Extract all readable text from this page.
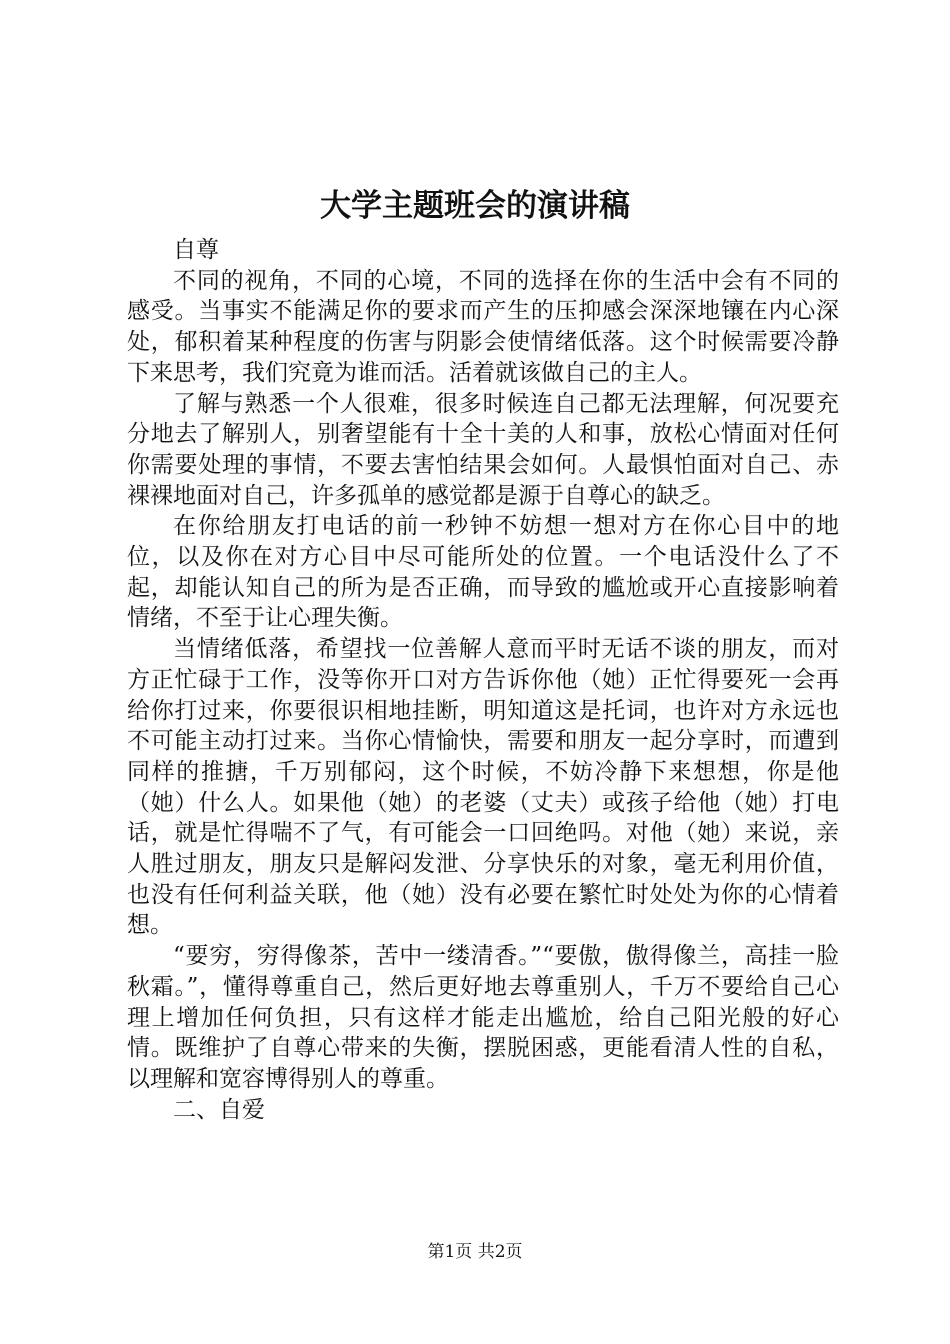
大学主题班会的演讲稿

自尊

不同的视角，不同的心境，不同的选择在你的生活中会有不同的感受。当事实不能满足你的要求而产生的压抑感会深深地镶在内心深处，郁积着某种程度的伤害与阴影会使情绪低落。这个时候需要冷静下来思考，我们究竟为谁而活。活着就该做自己的主人。

了解与熟悉一个人很难，很多时候连自己都无法理解，何况要充分地去了解别人，别奢望能有十全十美的人和事，放松心情面对任何你需要处理的事情，不要去害怕结果会如何。人最惧怕面对自己、赤裸裸地面对自己，许多孤单的感觉都是源于自尊心的缺乏。

在你给朋友打电话的前一秒钟不妨想一想对方在你心目中的地位，以及你在对方心目中尽可能所处的位置。一个电话没什么了不起，却能认知自己的所为是否正确，而导致的尴尬或开心直接影响着情绪，不至于让心理失衡。

当情绪低落，希望找一位善解人意而平时无话不谈的朋友，而对方正忙碌于工作，没等你开口对方告诉你他（她）正忙得要死一会再给你打过来，你要很识相地挂断，明知道这是托词，也许对方永远也不可能主动打过来。当你心情愉快，需要和朋友一起分享时，而遭到同样的推搪，千万别郁闷，这个时候，不妨冷静下来想想，你是他（她）什么人。如果他（她）的老婆（丈夫）或孩子给他（她）打电话，就是忙得喘不了气，有可能会一口回绝吗。对他（她）来说，亲人胜过朋友，朋友只是解闷发泄、分享快乐的对象，毫无利用价值，也没有任何利益关联，他（她）没有必要在繁忙时处处为你的心情着想。

“要穷，穷得像茶，苦中一缕清香。”“要傲，傲得像兰，高挂一脸秋霜。”，懂得尊重自己，然后更好地去尊重别人，千万不要给自己心理上增加任何负担，只有这样才能走出尴尬，给自己阳光般的好心情。既维护了自尊心带来的失衡，摆脱困惑，更能看清人性的自私，以理解和宽容博得别人的尊重。

二、自爱

第1页 共2页
